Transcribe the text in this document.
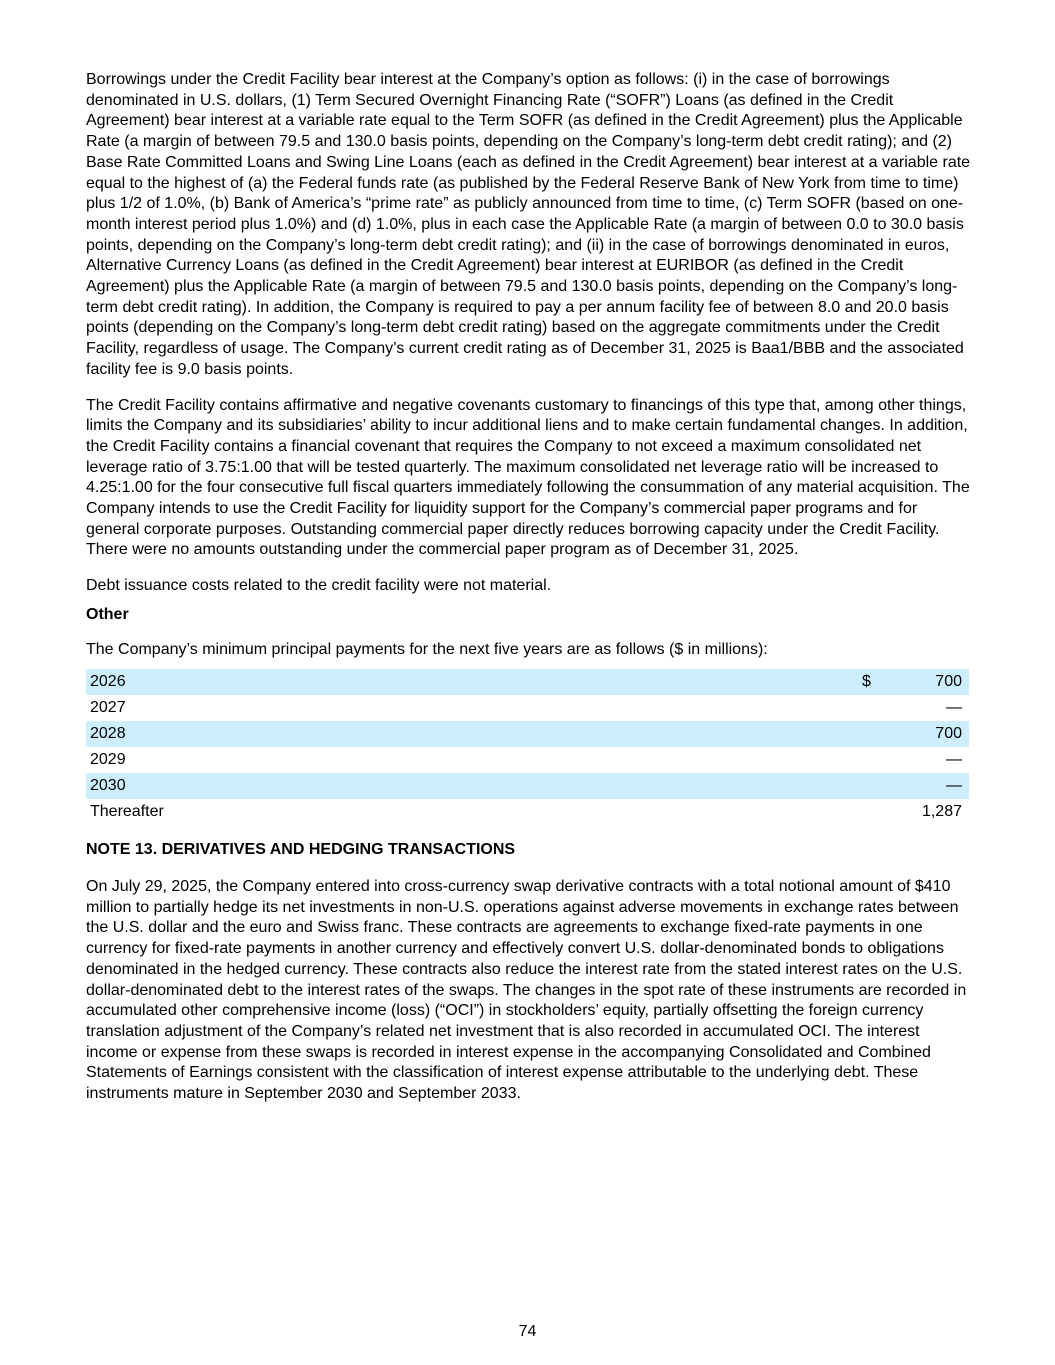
Borrowings under the Credit Facility bear interest at the Company’s option as follows: (i) in the case of borrowings denominated in U.S. dollars, (1) Term Secured Overnight Financing Rate (“SOFR”) Loans (as defined in the Credit Agreement) bear interest at a variable rate equal to the Term SOFR (as defined in the Credit Agreement) plus the Applicable Rate (a margin of between 79.5 and 130.0 basis points, depending on the Company’s long-term debt credit rating); and (2) Base Rate Committed Loans and Swing Line Loans (each as defined in the Credit Agreement) bear interest at a variable rate equal to the highest of (a) the Federal funds rate (as published by the Federal Reserve Bank of New York from time to time) plus 1/2 of 1.0%, (b) Bank of America’s “prime rate” as publicly announced from time to time, (c) Term SOFR (based on one-month interest period plus 1.0%) and (d) 1.0%, plus in each case the Applicable Rate (a margin of between 0.0 to 30.0 basis points, depending on the Company’s long-term debt credit rating); and (ii) in the case of borrowings denominated in euros, Alternative Currency Loans (as defined in the Credit Agreement) bear interest at EURIBOR (as defined in the Credit Agreement) plus the Applicable Rate (a margin of between 79.5 and 130.0 basis points, depending on the Company’s long-term debt credit rating). In addition, the Company is required to pay a per annum facility fee of between 8.0 and 20.0 basis points (depending on the Company’s long-term debt credit rating) based on the aggregate commitments under the Credit Facility, regardless of usage. The Company’s current credit rating as of December 31, 2025 is Baa1/BBB and the associated facility fee is 9.0 basis points.

The Credit Facility contains affirmative and negative covenants customary to financings of this type that, among other things, limits the Company and its subsidiaries’ ability to incur additional liens and to make certain fundamental changes. In addition, the Credit Facility contains a financial covenant that requires the Company to not exceed a maximum consolidated net leverage ratio of 3.75:1.00 that will be tested quarterly. The maximum consolidated net leverage ratio will be increased to 4.25:1.00 for the four consecutive full fiscal quarters immediately following the consummation of any material acquisition. The Company intends to use the Credit Facility for liquidity support for the Company’s commercial paper programs and for general corporate purposes. Outstanding commercial paper directly reduces borrowing capacity under the Credit Facility. There were no amounts outstanding under the commercial paper program as of December 31, 2025.

Debt issuance costs related to the credit facility were not material.

Other

The Company’s minimum principal payments for the next five years are as follows ($ in millions):

2026	$	700
2027		—
2028		700
2029		—
2030		—
Thereafter		1,287

NOTE 13. DERIVATIVES AND HEDGING TRANSACTIONS

On July 29, 2025, the Company entered into cross-currency swap derivative contracts with a total notional amount of $410 million to partially hedge its net investments in non-U.S. operations against adverse movements in exchange rates between the U.S. dollar and the euro and Swiss franc. These contracts are agreements to exchange fixed-rate payments in one currency for fixed-rate payments in another currency and effectively convert U.S. dollar-denominated bonds to obligations denominated in the hedged currency. These contracts also reduce the interest rate from the stated interest rates on the U.S. dollar-denominated debt to the interest rates of the swaps. The changes in the spot rate of these instruments are recorded in accumulated other comprehensive income (loss) (“OCI”) in stockholders’ equity, partially offsetting the foreign currency translation adjustment of the Company’s related net investment that is also recorded in accumulated OCI. The interest income or expense from these swaps is recorded in interest expense in the accompanying Consolidated and Combined Statements of Earnings consistent with the classification of interest expense attributable to the underlying debt. These instruments mature in September 2030 and September 2033.

74
